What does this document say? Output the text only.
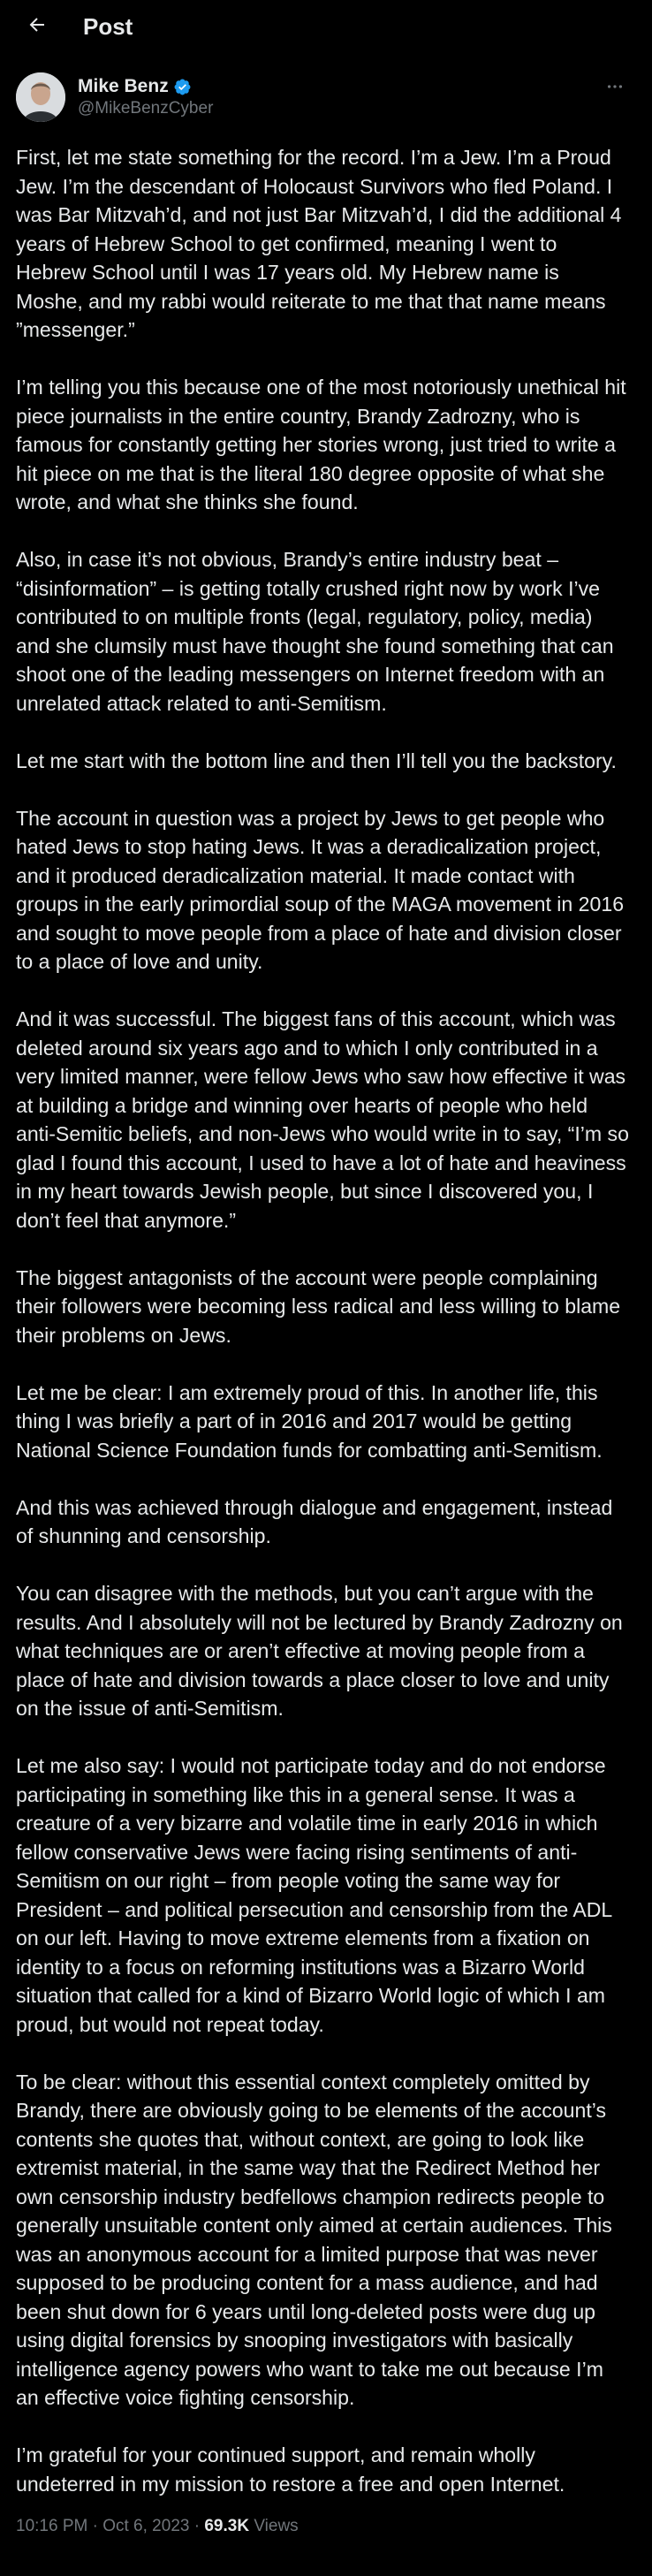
Post
Mike Benz
@MikeBenzCyber

First, let me state something for the record. I’m a Jew. I’m a Proud Jew. I’m the descendant of Holocaust Survivors who fled Poland. I was Bar Mitzvah’d, and not just Bar Mitzvah’d, I did the additional 4 years of Hebrew School to get confirmed, meaning I went to Hebrew School until I was 17 years old. My Hebrew name is Moshe, and my rabbi would reiterate to me that that name means ”messenger.”

I’m telling you this because one of the most notoriously unethical hit piece journalists in the entire country, Brandy Zadrozny, who is famous for constantly getting her stories wrong, just tried to write a hit piece on me that is the literal 180 degree opposite of what she wrote, and what she thinks she found.

Also, in case it’s not obvious, Brandy’s entire industry beat – “disinformation” – is getting totally crushed right now by work I’ve contributed to on multiple fronts (legal, regulatory, policy, media) and she clumsily must have thought she found something that can shoot one of the leading messengers on Internet freedom with an unrelated attack related to anti-Semitism.

Let me start with the bottom line and then I’ll tell you the backstory.

The account in question was a project by Jews to get people who hated Jews to stop hating Jews. It was a deradicalization project, and it produced deradicalization material. It made contact with groups in the early primordial soup of the MAGA movement in 2016 and sought to move people from a place of hate and division closer to a place of love and unity.

And it was successful. The biggest fans of this account, which was deleted around six years ago and to which I only contributed in a very limited manner, were fellow Jews who saw how effective it was at building a bridge and winning over hearts of people who held anti-Semitic beliefs, and non-Jews who would write in to say, “I’m so glad I found this account, I used to have a lot of hate and heaviness in my heart towards Jewish people, but since I discovered you, I don’t feel that anymore.”

The biggest antagonists of the account were people complaining their followers were becoming less radical and less willing to blame their problems on Jews.

Let me be clear: I am extremely proud of this. In another life, this thing I was briefly a part of in 2016 and 2017 would be getting National Science Foundation funds for combatting anti-Semitism.

And this was achieved through dialogue and engagement, instead of shunning and censorship.

You can disagree with the methods, but you can’t argue with the results. And I absolutely will not be lectured by Brandy Zadrozny on what techniques are or aren’t effective at moving people from a place of hate and division towards a place closer to love and unity on the issue of anti-Semitism.

Let me also say: I would not participate today and do not endorse participating in something like this in a general sense. It was a creature of a very bizarre and volatile time in early 2016 in which fellow conservative Jews were facing rising sentiments of anti-Semitism on our right – from people voting the same way for President – and political persecution and censorship from the ADL on our left. Having to move extreme elements from a fixation on identity to a focus on reforming institutions was a Bizarro World situation that called for a kind of Bizarro World logic of which I am proud, but would not repeat today.

To be clear: without this essential context completely omitted by Brandy, there are obviously going to be elements of the account’s contents she quotes that, without context, are going to look like extremist material, in the same way that the Redirect Method her own censorship industry bedfellows champion redirects people to generally unsuitable content only aimed at certain audiences. This was an anonymous account for a limited purpose that was never supposed to be producing content for a mass audience, and had been shut down for 6 years until long-deleted posts were dug up using digital forensics by snooping investigators with basically intelligence agency powers who want to take me out because I’m an effective voice fighting censorship.

I’m grateful for your continued support, and remain wholly undeterred in my mission to restore a free and open Internet.

10:16 PM · Oct 6, 2023 · 69.3K Views
